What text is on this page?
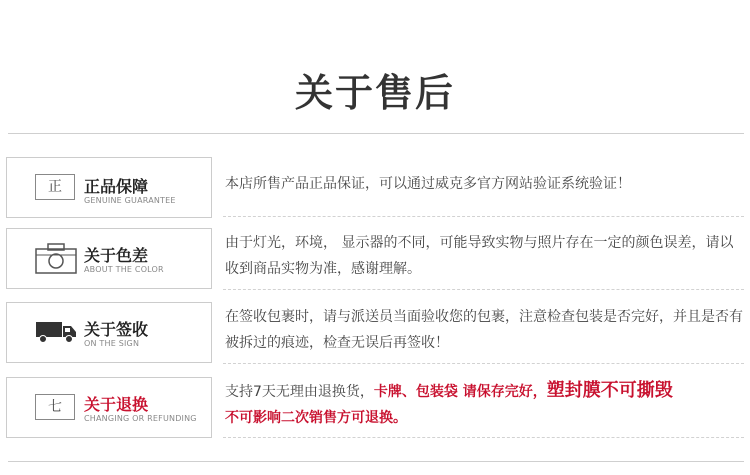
关于售后
正	正品保障
GENUINE GUARANTEE
本店所售产品正品保证，可以通过威克多官方网站验证系统验证！
关于色差
ABOUT THE COLOR
由于灯光，环境， 显示器的不同，可能导致实物与照片存在一定的颜色误差，请以收到商品实物为准，感谢理解。
关于签收
ON THE SIGN
在签收包裹时，请与派送员当面验收您的包裹，注意检查包装是否完好，并且是否有被拆过的痕迹，检查无误后再签收！
七	关于退换
CHANGING OR REFUNDING
支持7天无理由退换货，卡牌、包装袋 请保存完好，塑封膜不可撕毁
不可影响二次销售方可退换。
